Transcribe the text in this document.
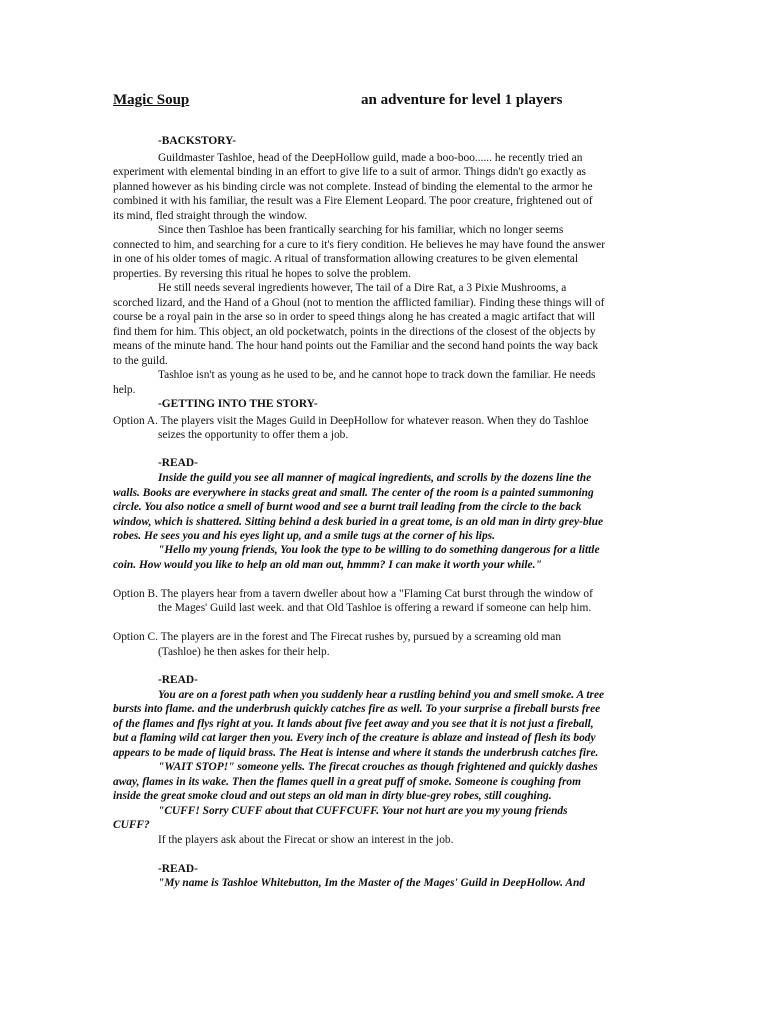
Magic Soup	an adventure for level 1 players
-BACKSTORY-
Guildmaster Tashloe, head of the DeepHollow guild, made a boo-boo...... he recently tried an
experiment with elemental binding in an effort to give life to a suit of armor. Things didn't go exactly as
planned however as his binding circle was not complete. Instead of binding the elemental to the armor he
combined it with his familiar, the result was a Fire Element Leopard. The poor creature, frightened out of
its mind, fled straight through the window.
Since then Tashloe has been frantically searching for his familiar, which no longer seems
connected to him, and searching for a cure to it's fiery condition. He believes he may have found the answer
in one of his older tomes of magic. A ritual of transformation allowing creatures to be given elemental
properties. By reversing this ritual he hopes to solve the problem.
He still needs several ingredients however, The tail of a Dire Rat, a 3 Pixie Mushrooms, a
scorched lizard, and the Hand of a Ghoul (not to mention the afflicted familiar). Finding these things will of
course be a royal pain in the arse so in order to speed things along he has created a magic artifact that will
find them for him. This object, an old pocketwatch, points in the directions of the closest of the objects by
means of the minute hand. The hour hand points out the Familiar and the second hand points the way back
to the guild.
Tashloe isn't as young as he used to be, and he cannot hope to track down the familiar. He needs
help.
-GETTING INTO THE STORY-
Option A. The players visit the Mages Guild in DeepHollow for whatever reason. When they do Tashloe
seizes the opportunity to offer them a job.
-READ-
Inside the guild you see all manner of magical ingredients, and scrolls by the dozens line the
walls. Books are everywhere in stacks great and small. The center of the room is a painted summoning
circle. You also notice a smell of burnt wood and see a burnt trail leading from the circle to the back
window, which is shattered. Sitting behind a desk buried in a great tome, is an old man in dirty grey-blue
robes. He sees you and his eyes light up, and a smile tugs at the corner of his lips.
"Hello my young friends, You look the type to be willing to do something dangerous for a little
coin. How would you like to help an old man out, hmmm? I can make it worth your while."
Option B. The players hear from a tavern dweller about how a "Flaming Cat burst through the window of
the Mages' Guild last week. and that Old Tashloe is offering a reward if someone can help him.
Option C. The players are in the forest and The Firecat rushes by, pursued by a screaming old man
(Tashloe) he then askes for their help.
-READ-
You are on a forest path when you suddenly hear a rustling behind you and smell smoke. A tree
bursts into flame. and the underbrush quickly catches fire as well. To your surprise a fireball bursts free
of the flames and flys right at you. It lands about five feet away and you see that it is not just a fireball,
but a flaming wild cat larger then you. Every inch of the creature is ablaze and instead of flesh its body
appears to be made of liquid brass. The Heat is intense and where it stands the underbrush catches fire.
"WAIT STOP!" someone yells. The firecat crouches as though frightened and quickly dashes
away, flames in its wake. Then the flames quell in a great puff of smoke. Someone is coughing from
inside the great smoke cloud and out steps an old man in dirty blue-grey robes, still coughing.
"CUFF! Sorry CUFF about that CUFFCUFF. Your not hurt are you my young friends
CUFF?
If the players ask about the Firecat or show an interest in the job.
-READ-
"My name is Tashloe Whitebutton, Im the Master of the Mages' Guild in DeepHollow. And
